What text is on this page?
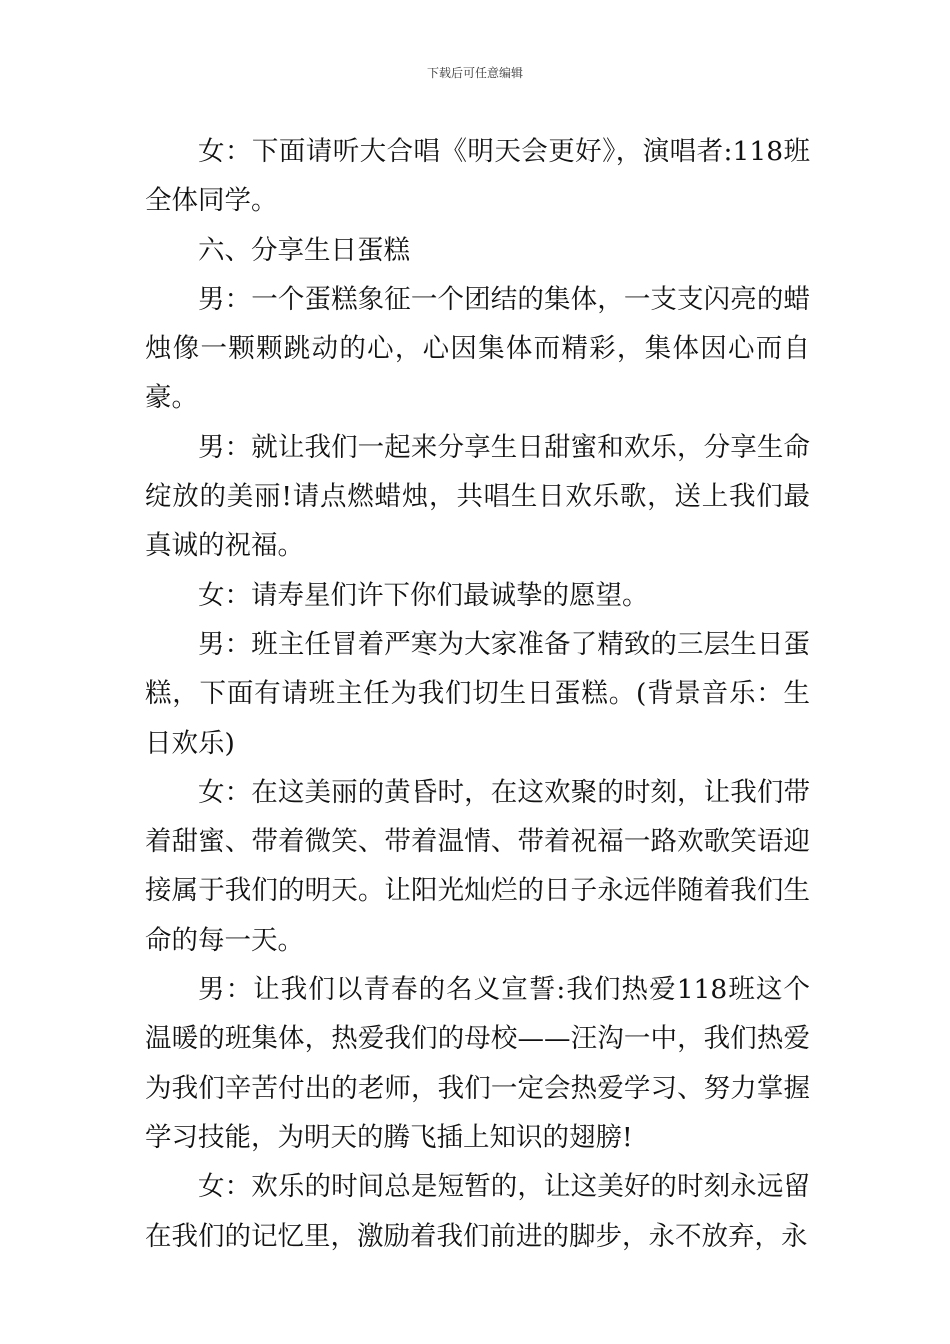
下载后可任意编辑

女：下面请听大合唱《明天会更好》，演唱者:118班全体同学。

六、分享生日蛋糕

男：一个蛋糕象征一个团结的集体，一支支闪亮的蜡烛像一颗颗跳动的心，心因集体而精彩，集体因心而自豪。

男：就让我们一起来分享生日甜蜜和欢乐，分享生命绽放的美丽!请点燃蜡烛，共唱生日欢乐歌，送上我们最真诚的祝福。

女：请寿星们许下你们最诚挚的愿望。

男：班主任冒着严寒为大家准备了精致的三层生日蛋糕，下面有请班主任为我们切生日蛋糕。(背景音乐：生日欢乐)

女：在这美丽的黄昏时，在这欢聚的时刻，让我们带着甜蜜、带着微笑、带着温情、带着祝福一路欢歌笑语迎接属于我们的明天。让阳光灿烂的日子永远伴随着我们生命的每一天。

男：让我们以青春的名义宣誓:我们热爱118班这个温暖的班集体，热爱我们的母校——汪沟一中，我们热爱为我们辛苦付出的老师，我们一定会热爱学习、努力掌握学习技能，为明天的腾飞插上知识的翅膀!

女：欢乐的时间总是短暂的，让这美好的时刻永远留在我们的记忆里，激励着我们前进的脚步，永不放弃，永
